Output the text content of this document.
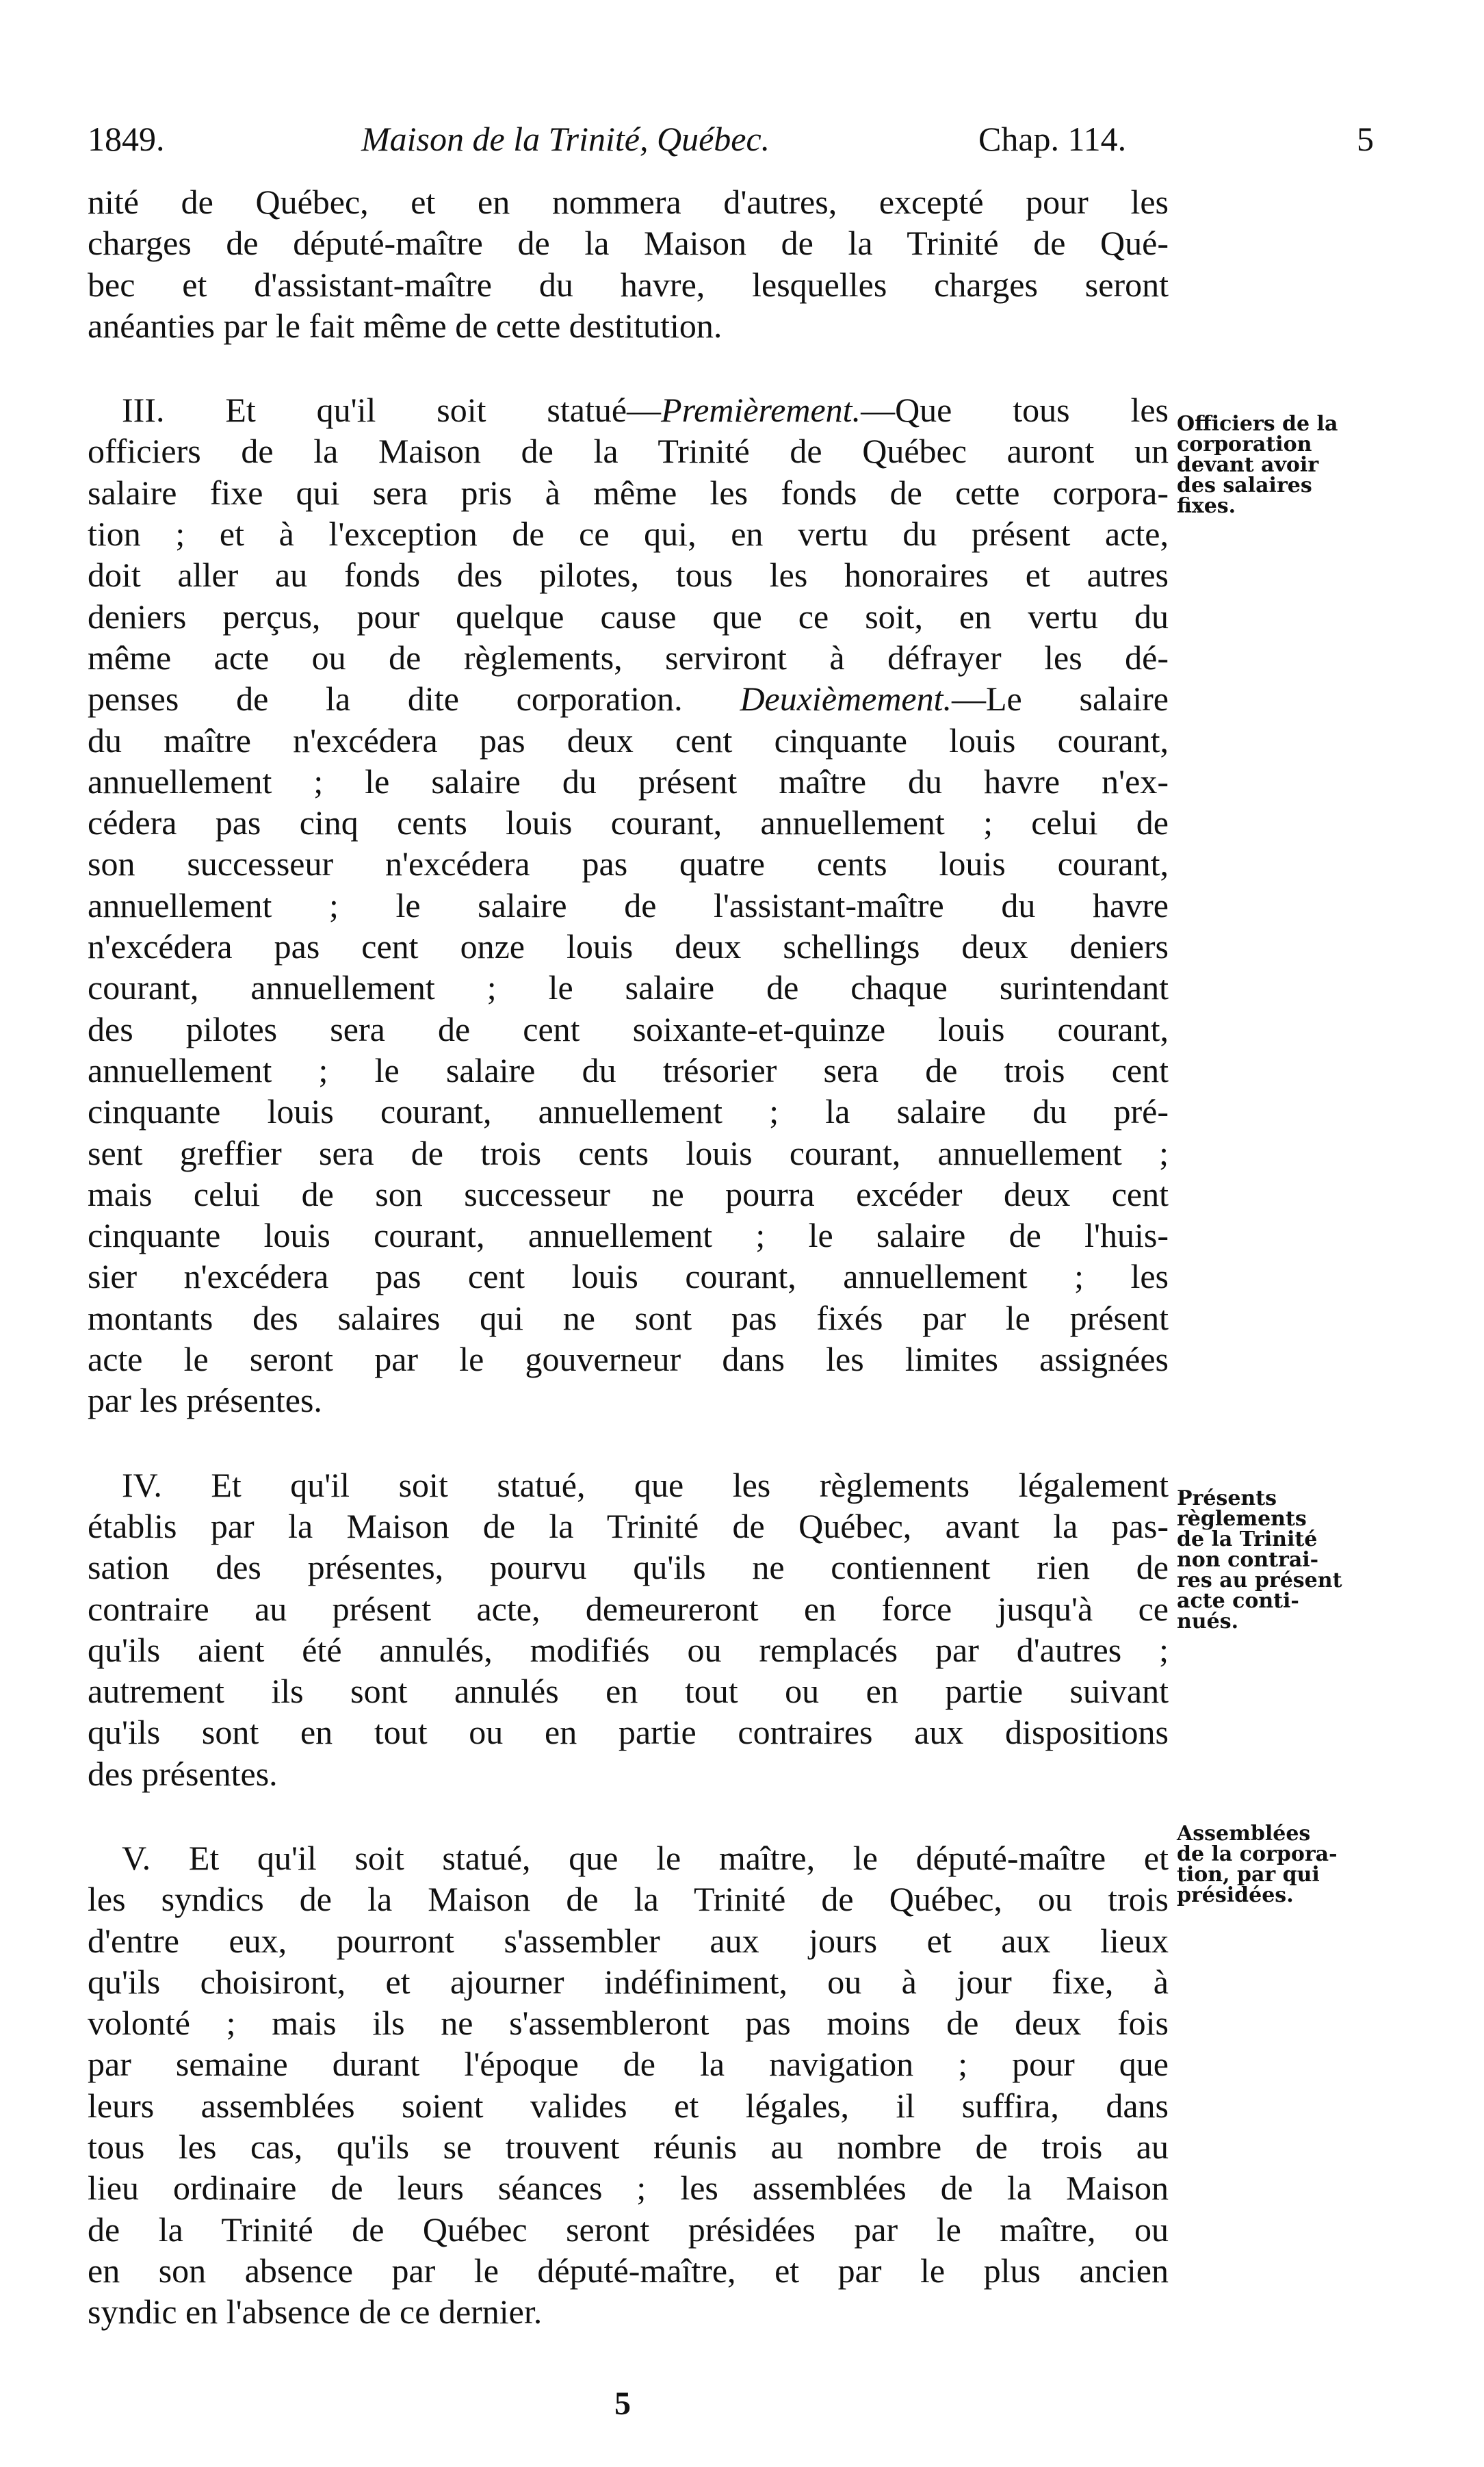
1849.	Maison de la Trinité, Québec.	Chap. 114.	5

nité de Québec, et en nommera d'autres, excepté pour les
charges de député-maître de la Maison de la Trinité de Qué-
bec et d'assistant-maître du havre, lesquelles charges seront
anéanties par le fait même de cette destitution.

III. Et qu'il soit statué—Premièrement.—Que tous les
officiers de la Maison de la Trinité de Québec auront un
salaire fixe qui sera pris à même les fonds de cette corpora-
tion ; et à l'exception de ce qui, en vertu du présent acte,
doit aller au fonds des pilotes, tous les honoraires et autres
deniers perçus, pour quelque cause que ce soit, en vertu du
même acte ou de règlements, serviront à défrayer les dé-
penses de la dite corporation. Deuxièmement.—Le salaire
du maître n'excédera pas deux cent cinquante louis courant,
annuellement ; le salaire du présent maître du havre n'ex-
cédera pas cinq cents louis courant, annuellement ; celui de
son successeur n'excédera pas quatre cents louis courant,
annuellement ; le salaire de l'assistant-maître du havre
n'excédera pas cent onze louis deux schellings deux deniers
courant, annuellement ; le salaire de chaque surintendant
des pilotes sera de cent soixante-et-quinze louis courant,
annuellement ; le salaire du trésorier sera de trois cent
cinquante louis courant, annuellement ; la salaire du pré-
sent greffier sera de trois cents louis courant, annuellement ;
mais celui de son successeur ne pourra excéder deux cent
cinquante louis courant, annuellement ; le salaire de l'huis-
sier n'excédera pas cent louis courant, annuellement ; les
montants des salaires qui ne sont pas fixés par le présent
acte le seront par le gouverneur dans les limites assignées
par les présentes.

IV. Et qu'il soit statué, que les règlements légalement
établis par la Maison de la Trinité de Québec, avant la pas-
sation des présentes, pourvu qu'ils ne contiennent rien de
contraire au présent acte, demeureront en force jusqu'à ce
qu'ils aient été annulés, modifiés ou remplacés par d'autres ;
autrement ils sont annulés en tout ou en partie suivant
qu'ils sont en tout ou en partie contraires aux dispositions
des présentes.

V. Et qu'il soit statué, que le maître, le député-maître et
les syndics de la Maison de la Trinité de Québec, ou trois
d'entre eux, pourront s'assembler aux jours et aux lieux
qu'ils choisiront, et ajourner indéfiniment, ou à jour fixe, à
volonté ; mais ils ne s'assembleront pas moins de deux fois
par semaine durant l'époque de la navigation ; pour que
leurs assemblées soient valides et légales, il suffira, dans
tous les cas, qu'ils se trouvent réunis au nombre de trois au
lieu ordinaire de leurs séances ; les assemblées de la Maison
de la Trinité de Québec seront présidées par le maître, ou
en son absence par le député-maître, et par le plus ancien
syndic en l'absence de ce dernier.

Officiers de la
corporation
devant avoir
des salaires
fixes.
Présents
règlements
de la Trinité
non contrai-
res au présent
acte conti-
nués.
Assemblées
de la corpora-
tion, par qui
présidées.
5
